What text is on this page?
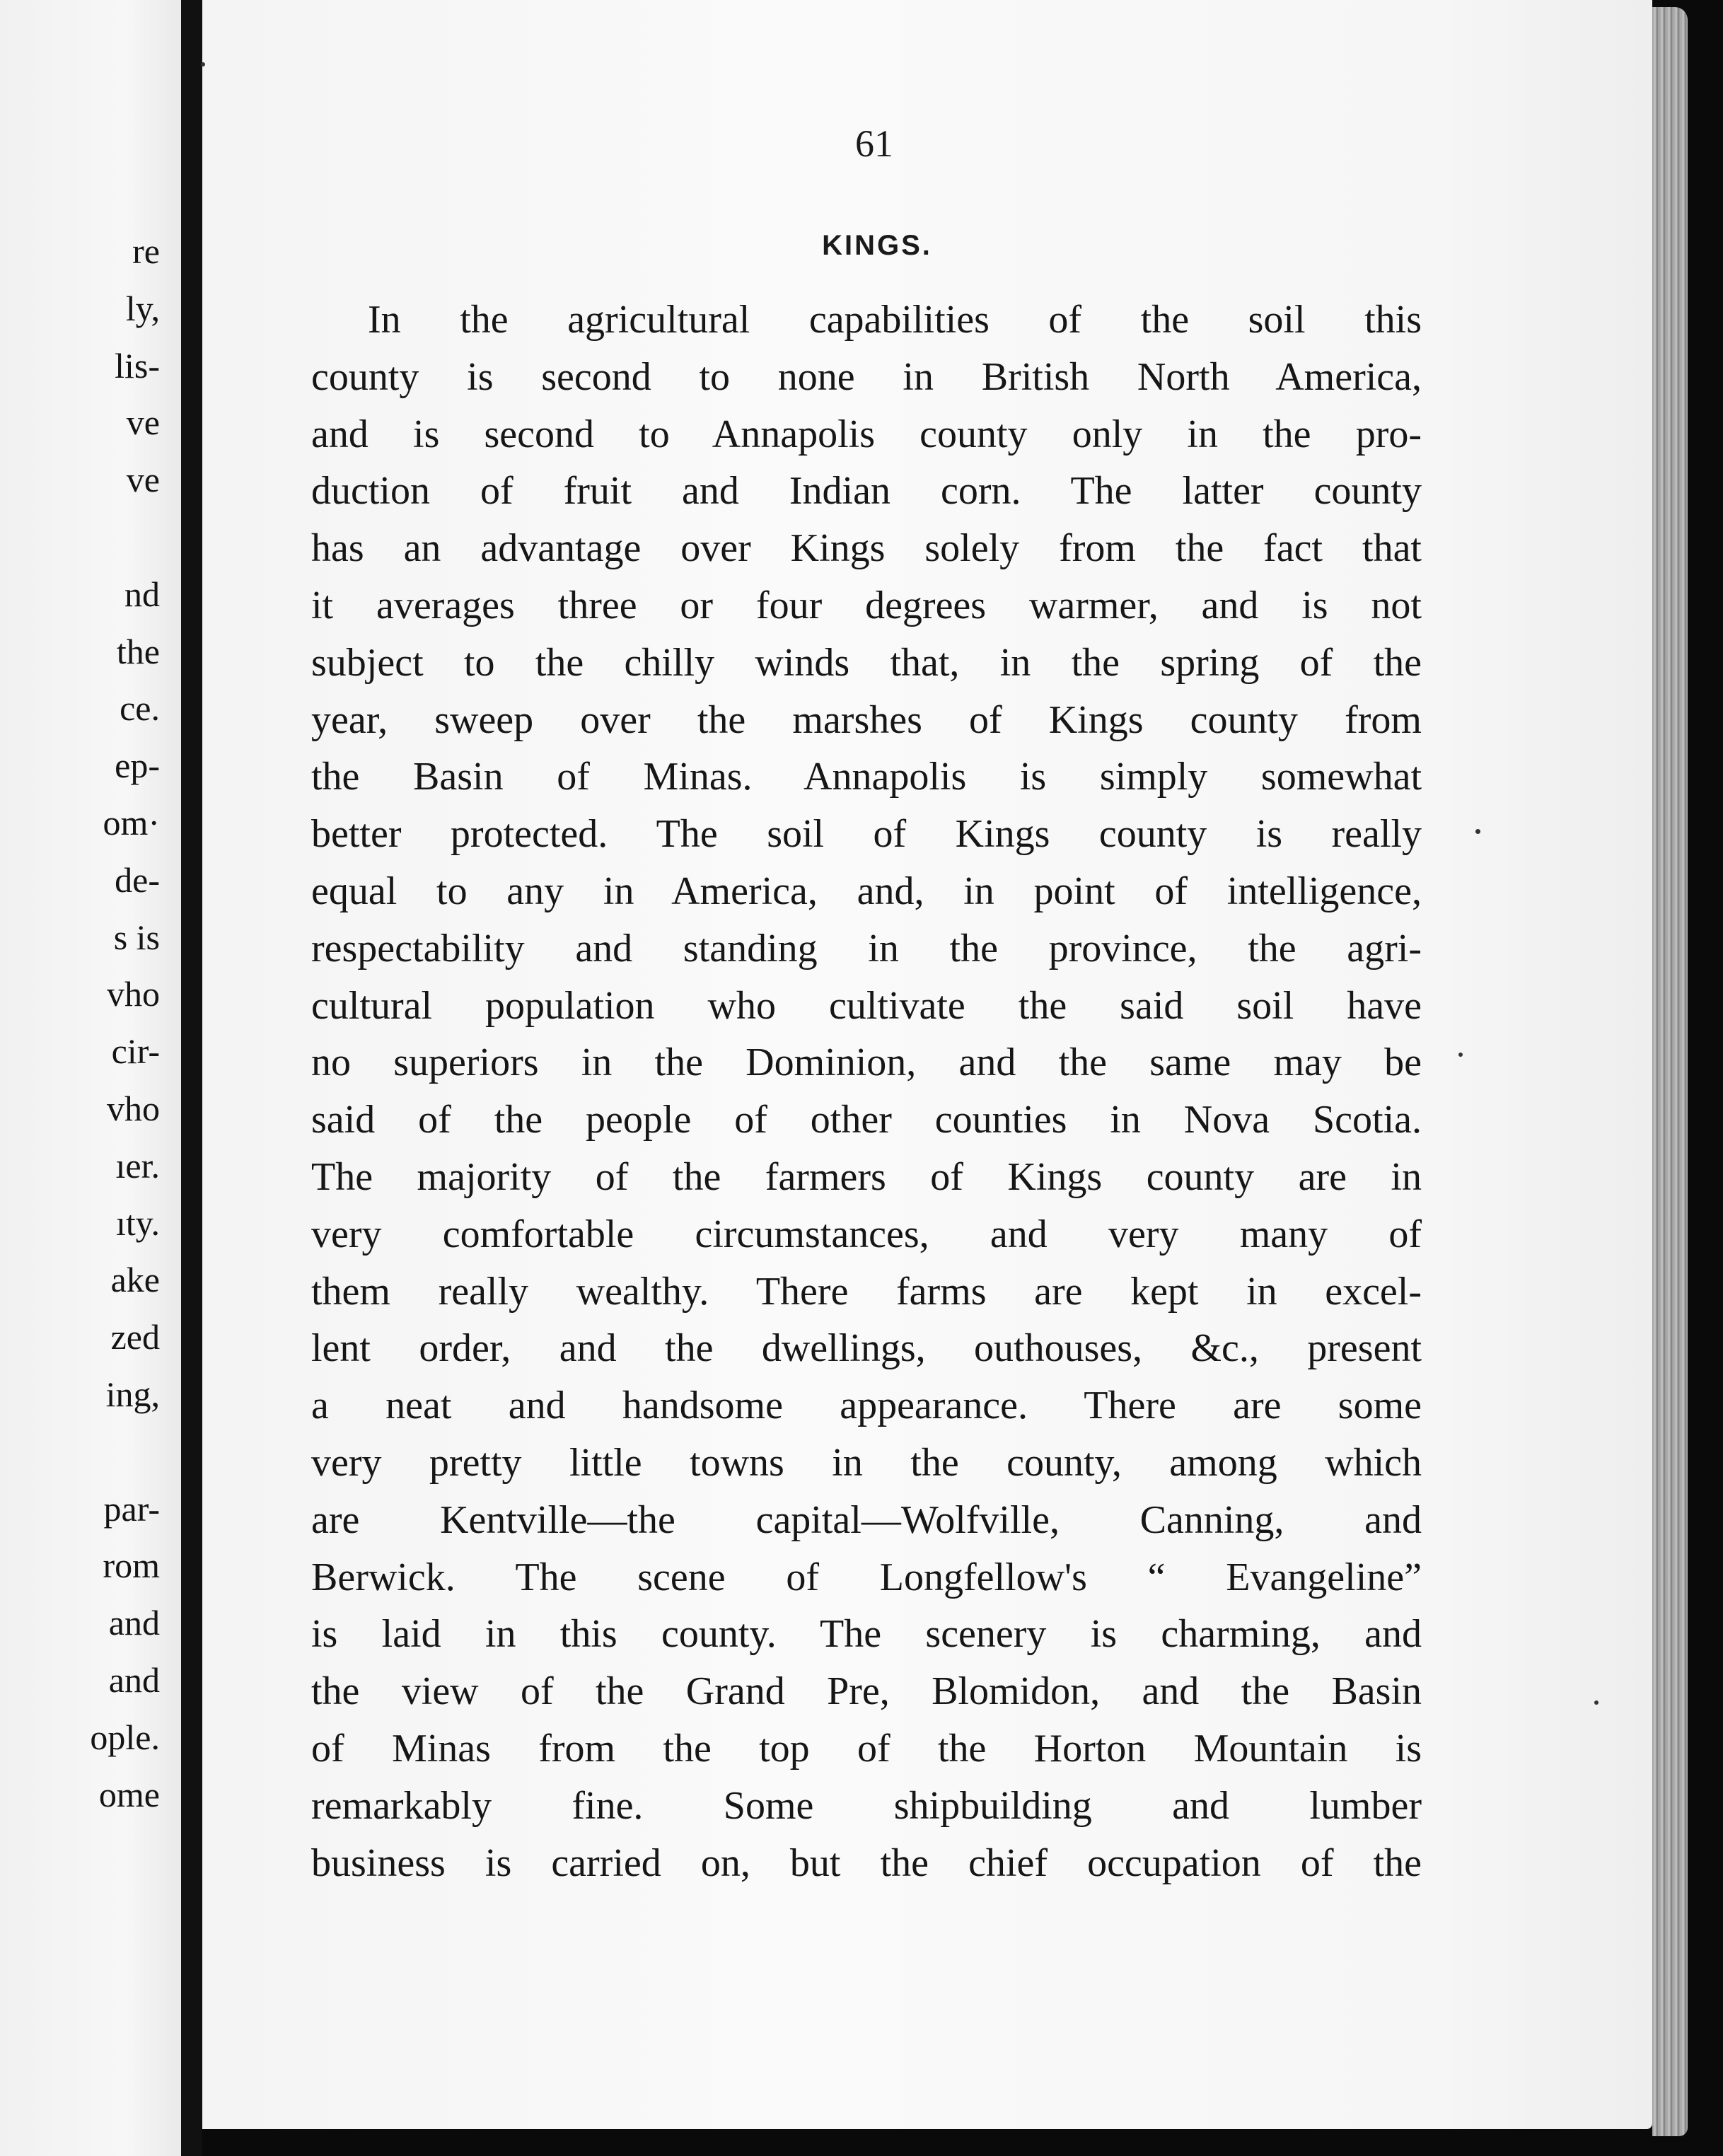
re
ly,
lis-
ve
ve
nd
the
ce.
ep-
om·
de-
s is
vho
cir-
vho
ıer.
ıty.
ake
zed
ing,
par-
rom
and
and
ople.
ome
61
KINGS.
In the agricultural capabilities of the soil this
county is second to none in British North America,
and is second to Annapolis county only in the pro-
duction of fruit and Indian corn. The latter county
has an advantage over Kings solely from the fact that
it averages three or four degrees warmer, and is not
subject to the chilly winds that, in the spring of the
year, sweep over the marshes of Kings county from
the Basin of Minas. Annapolis is simply somewhat
better protected. The soil of Kings county is really
equal to any in America, and, in point of intelligence,
respectability and standing in the province, the agri-
cultural population who cultivate the said soil have
no superiors in the Dominion, and the same may be
said of the people of other counties in Nova Scotia.
The majority of the farmers of Kings county are in
very comfortable circumstances, and very many of
them really wealthy. There farms are kept in excel-
lent order, and the dwellings, outhouses, &c., present
a neat and handsome appearance. There are some
very pretty little towns in the county, among which
are Kentville—the capital—Wolfville, Canning, and
Berwick. The scene of Longfellow's “ Evangeline”
is laid in this county. The scenery is charming, and
the view of the Grand Pre, Blomidon, and the Basin
of Minas from the top of the Horton Mountain is
remarkably fine. Some shipbuilding and lumber
business is carried on, but the chief occupation of the
